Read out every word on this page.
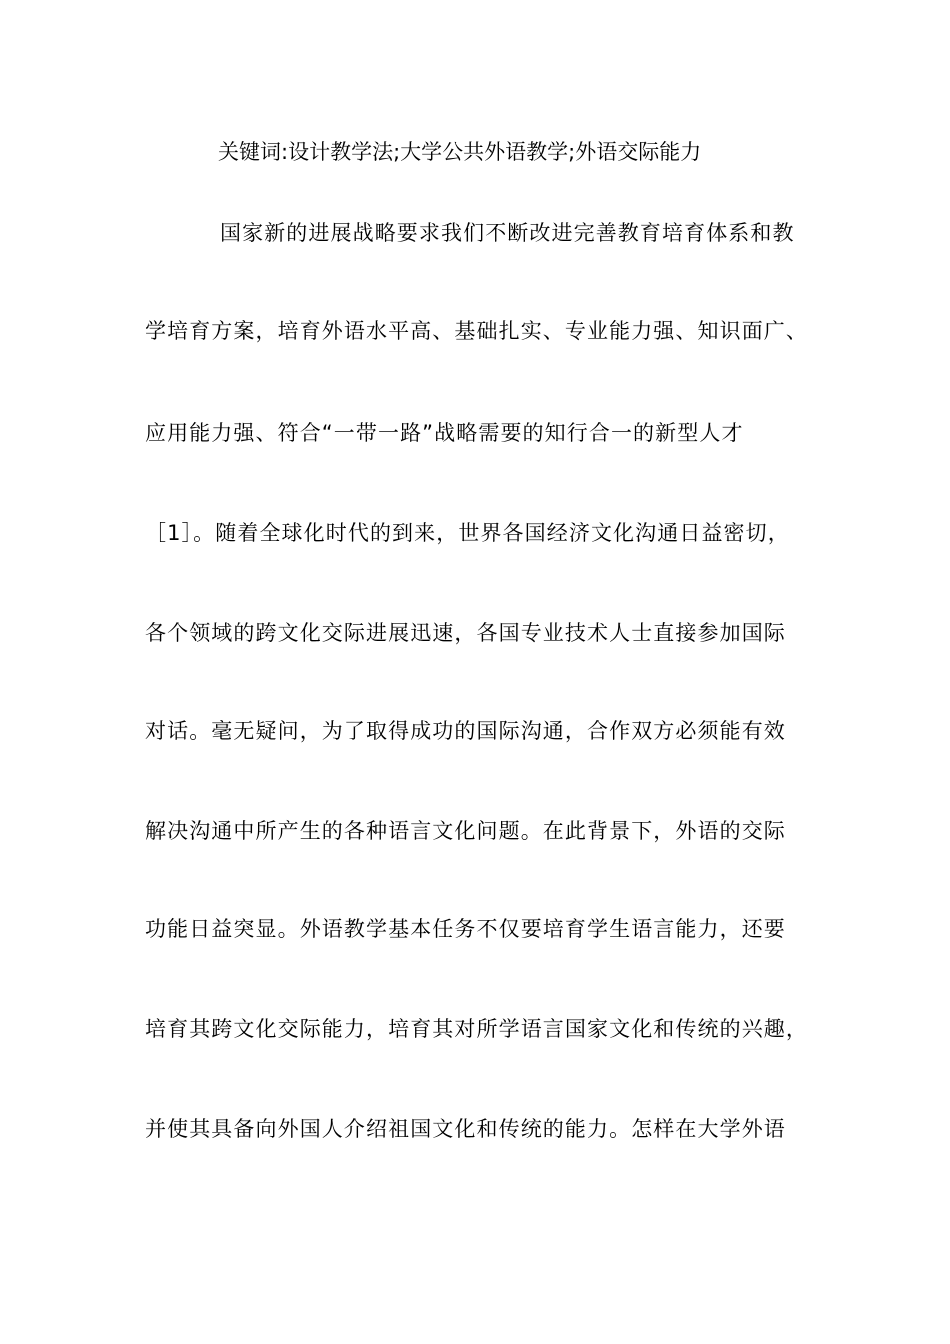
关键词:设计教学法;大学公共外语教学;外语交际能力
国家新的进展战略要求我们不断改进完善教育培育体系和教
学培育方案，培育外语水平高、基础扎实、专业能力强、知识面广、
应用能力强、符合“一带一路”战略需要的知行合一的新型人才
［1］。随着全球化时代的到来，世界各国经济文化沟通日益密切，
各个领域的跨文化交际进展迅速，各国专业技术人士直接参加国际
对话。毫无疑问，为了取得成功的国际沟通，合作双方必须能有效
解决沟通中所产生的各种语言文化问题。在此背景下，外语的交际
功能日益突显。外语教学基本任务不仅要培育学生语言能力，还要
培育其跨文化交际能力，培育其对所学语言国家文化和传统的兴趣，
并使其具备向外国人介绍祖国文化和传统的能力。怎样在大学外语
